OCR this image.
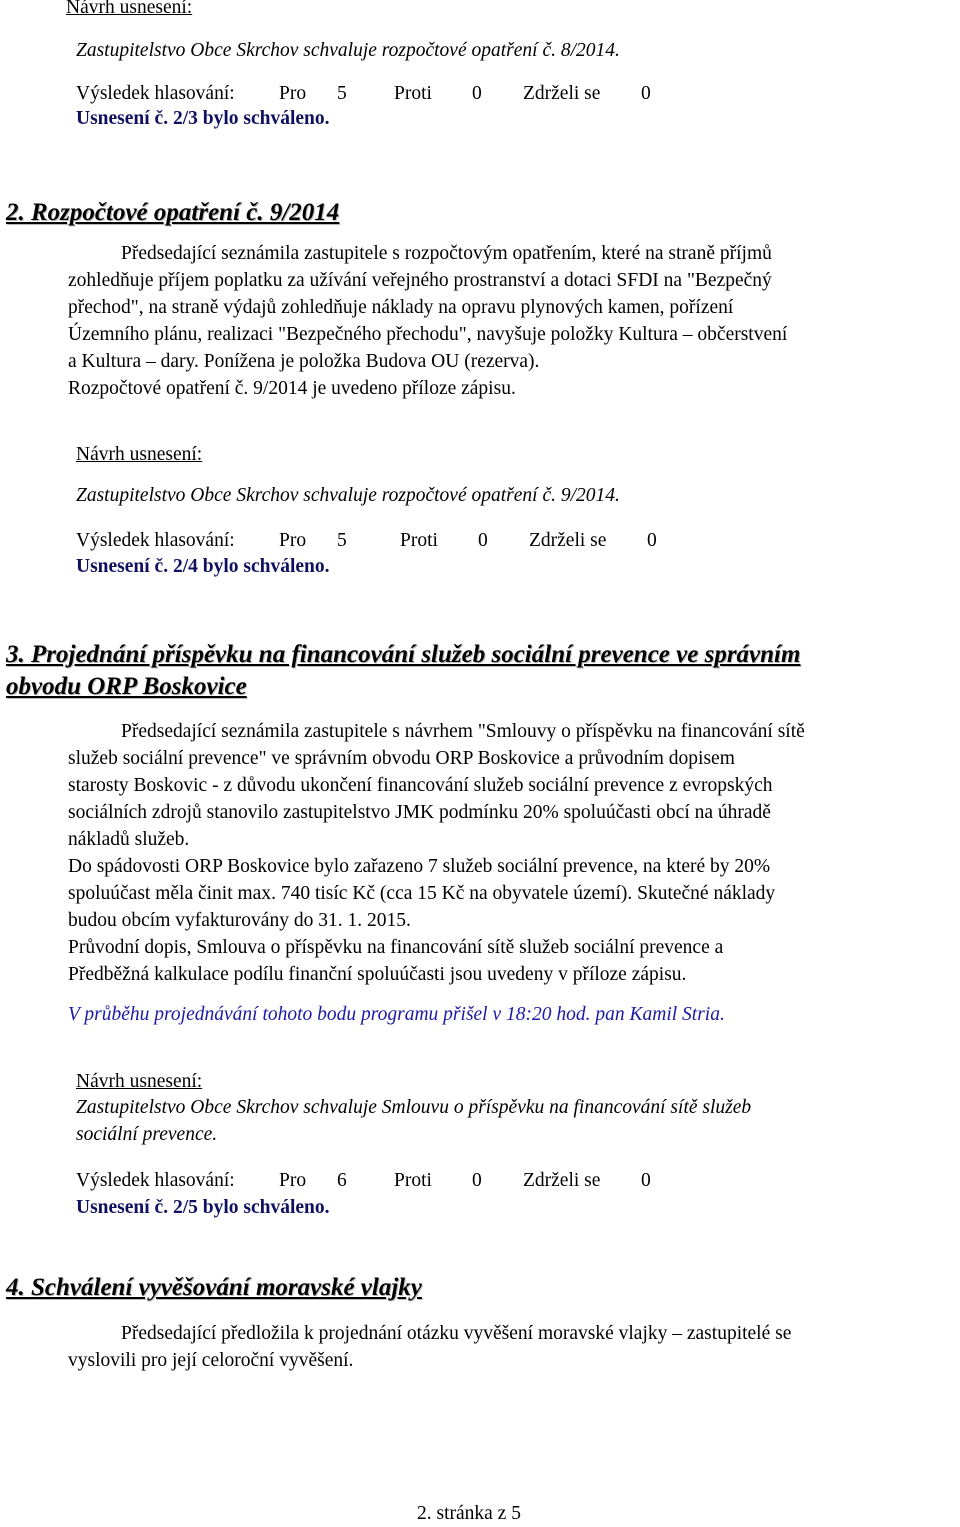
Návrh usnesení:
Zastupitelstvo Obce Skrchov schvaluje rozpočtové opatření č. 8/2014.
Výsledek hlasování: Pro 5 Proti 0 Zdrželi se 0
Usnesení č. 2/3 bylo schváleno.
2. Rozpočtové opatření č. 9/2014
Předsedající seznámila zastupitele s rozpočtovým opatřením, které na straně příjmů
zohledňuje příjem poplatku za užívání veřejného prostranství a dotaci SFDI na "Bezpečný
přechod", na straně výdajů zohledňuje náklady na opravu plynových kamen, pořízení
Územního plánu, realizaci "Bezpečného přechodu", navyšuje položky Kultura – občerstvení
a Kultura – dary. Ponížena je položka Budova OU (rezerva).
Rozpočtové opatření č. 9/2014 je uvedeno příloze zápisu.
Návrh usnesení:
Zastupitelstvo Obce Skrchov schvaluje rozpočtové opatření č. 9/2014.
Výsledek hlasování: Pro 5	Proti 0 Zdrželi se 0
Usnesení č. 2/4 bylo schváleno.
3. Projednání příspěvku na financování služeb sociální prevence ve správním
obvodu ORP Boskovice
Předsedající seznámila zastupitele s návrhem "Smlouvy o příspěvku na financování sítě
služeb sociální prevence" ve správním obvodu ORP Boskovice a průvodním dopisem
starosty Boskovic - z důvodu ukončení financování služeb sociální prevence z evropských
sociálních zdrojů stanovilo zastupitelstvo JMK podmínku 20% spoluúčasti obcí na úhradě
nákladů služeb.
Do spádovosti ORP Boskovice bylo zařazeno 7 služeb sociální prevence, na které by 20%
spoluúčast měla činit max. 740 tisíc Kč (cca 15 Kč na obyvatele území). Skutečné náklady
budou obcím vyfakturovány do 31. 1. 2015.
Průvodní dopis, Smlouva o příspěvku na financování sítě služeb sociální prevence a
Předběžná kalkulace podílu finanční spoluúčasti jsou uvedeny v příloze zápisu.
V průběhu projednávání tohoto bodu programu přišel v 18:20 hod. pan Kamil Stria.
Návrh usnesení:
Zastupitelstvo Obce Skrchov schvaluje Smlouvu o příspěvku na financování sítě služeb
sociální prevence.
Výsledek hlasování: Pro 6 Proti 0 Zdrželi se 0
Usnesení č. 2/5 bylo schváleno.
4. Schválení vyvěšování moravské vlajky
Předsedající předložila k projednání otázku vyvěšení moravské vlajky – zastupitelé se
vyslovili pro její celoroční vyvěšení.
2. stránka z 5
